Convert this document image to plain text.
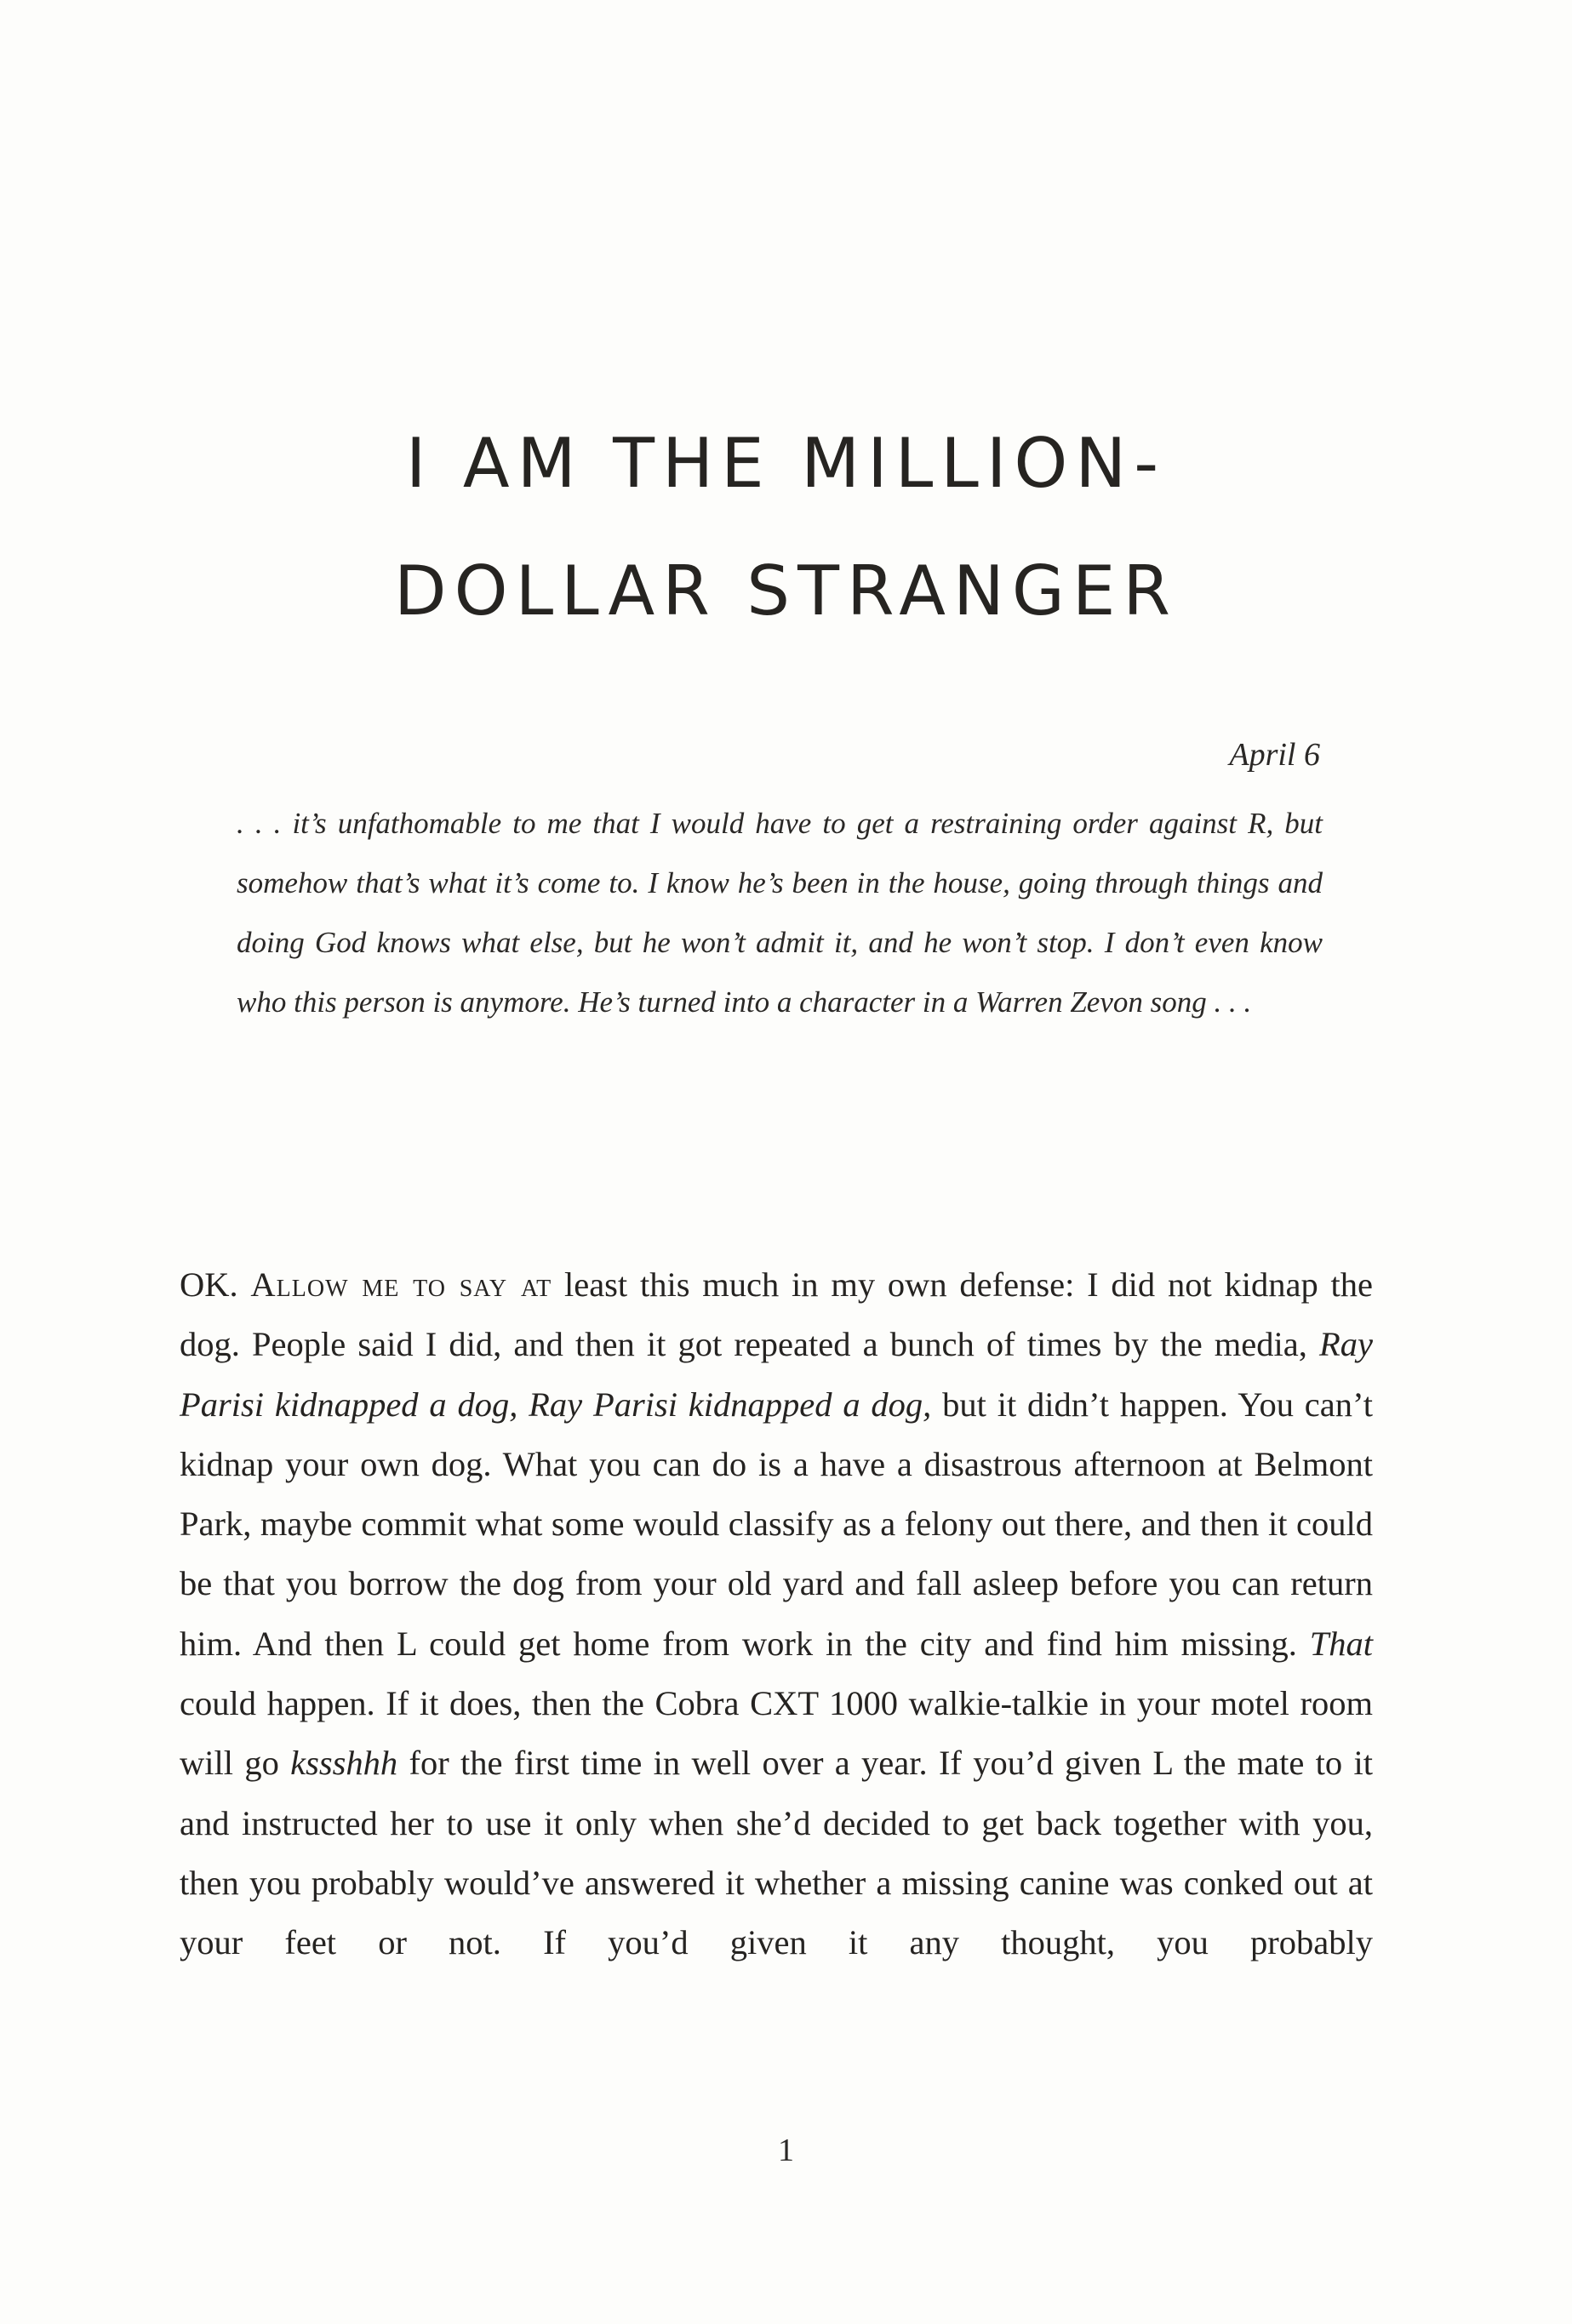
I AM THE MILLION-
DOLLAR STRANGER

April 6

. . . it’s unfathomable to me that I would have to get a restraining order against R, but somehow that’s what it’s come to. I know he’s been in the house, going through things and doing God knows what else, but he won’t admit it, and he won’t stop. I don’t even know who this person is anymore. He’s turned into a character in a Warren Zevon song . . .

OK. Allow me to say at least this much in my own defense: I did not kidnap the dog. People said I did, and then it got repeated a bunch of times by the media, Ray Parisi kidnapped a dog, Ray Parisi kidnapped a dog, but it didn’t happen. You can’t kidnap your own dog. What you can do is a have a disastrous afternoon at Belmont Park, maybe commit what some would classify as a felony out there, and then it could be that you borrow the dog from your old yard and fall asleep before you can return him. And then L could get home from work in the city and find him missing. That could happen. If it does, then the Cobra CXT 1000 walkie-talkie in your motel room will go kssshhh for the first time in well over a year. If you’d given L the mate to it and instructed her to use it only when she’d decided to get back together with you, then you probably would’ve answered it whether a missing canine was conked out at your feet or not. If you’d given it any thought, you probably

1
